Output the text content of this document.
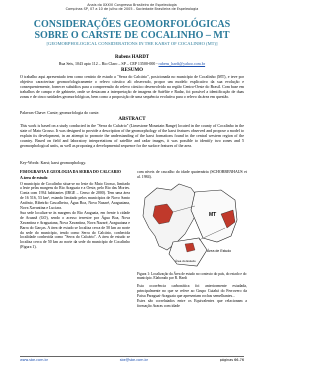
Anais do XXXVI Congresso Brasileiro de Espeleologia
Campinas SP, 07 a 10 de julho de 2005 - Sociedade Brasileira de Espeleologia
CONSIDERAÇÕES GEOMORFOLÓGICAS SOBRE O CARSTE DE COCALINHO – MT
[GEOMORPHOLOGICAL CONSIDERATIONS IN THE KARST OF COCALINHO (MT)]
Rubens HARDT
Rua Seis, 1043 apto 112 – Rio Claro – SP – CEP 13500-000 - rubens_hardt@yahoo.com.br
RESUMO
O trabalho aqui apresentado tem como cenário de estudo a "Serra do Calcário", posicionada no município de Cocalinho (MT), e teve por objetivo caracterizar geomorfologicamente o relevo cárstico ali observado, propor um modelo explicativo da sua evolução e consequentemente, fornecer subsídios para a compreensão do relevo cárstico desenvolvido na região Centro-Oeste do Brasil. Com base em trabalhos de campo e de gabinete, onde se destacam a interpretação de imagens de Satélite e Radar, foi possível a identificação de duas zonas e de cinco unidades geomorfológicas, bem como a proposição de uma sequência evolutiva para o relevo da área em questão.
Palavras-Chave: Carste; geomorfologia do carste.
ABSTRACT
This work is based on a study conducted in the "Serra do Calcário" (Limestone Mountain Range) located in the county of Cocalinho in the state of Mato Grosso. It was designed to provide a description of the geomorphology of the karst features observed and propose a model to explain its development, in an attempt to promote the understanding of the karst formations found in the central western region of the country. Based on field and laboratory interpretations of satellite and radar images, it was possible to identify two zones and 5 geomorphological units, as well as proposing a developmental sequence for the surface features of the area.
Key-Words: Karst; karst geomorphology.

FISIOGRAFIA E GEOLOGIA DA SERRA DO CALCÁRIO

A área de estudo

O município de Cocalinho situa-se no leste do Mato Grosso, limitado a leste pelas margens do Rio Araguaia e a Oeste, pelo Rio das Mortes. Conta com 1934 habitantes (IBGE – Censo de 2000). Tem uma área de 16 516, 53 km², estando limitado pelos municípios de Novo Santo Antônio, Ribeirão Cascalheira, Água Boa, Nova Nazaré, Araguaiana, Nova Xavantina e Luciara.

Sua sede localiza-se às margens do Rio Araguaia, em frente à cidade de Aruanã (GO), sendo o acesso terrestre por Água Boa, Nova Xavantina e Araguaiana, Nova Xavantina, Nova Nazaré, Araguaiana e Barra do Garças. A área de estudo se localiza cerca de 50 km ao norte da sede do município, tendo como Serra do Calcário, conhecida localidade conhecida como "Serra do Calcário". A área de estudo se localiza cerca de 50 km ao norte da sede do município de Cocalinho (Figura 1).

com níveis de cascalho do idade quaternária (SCHOBBENHAUS et al. 1984).

MT
Área de Estudo
Área do Estudo
Figura 1: Localização da Área de estudo no contexto do país, do estado e do município. Elaborado por R. Hardt

Esta ocorrência carbonática foi anteriormente estudada, principalmente no que se refere ao Grupo Cuiabá do Ferrovero da Faixa Paraguai-Araguaia que apresentam rochas semelhantes...

Estes são correlatados entre os Equivalentes que relacionam a formação Araras com idade

www.sbe.com.br	sbe@sbe.com.br	páginas 66-76
